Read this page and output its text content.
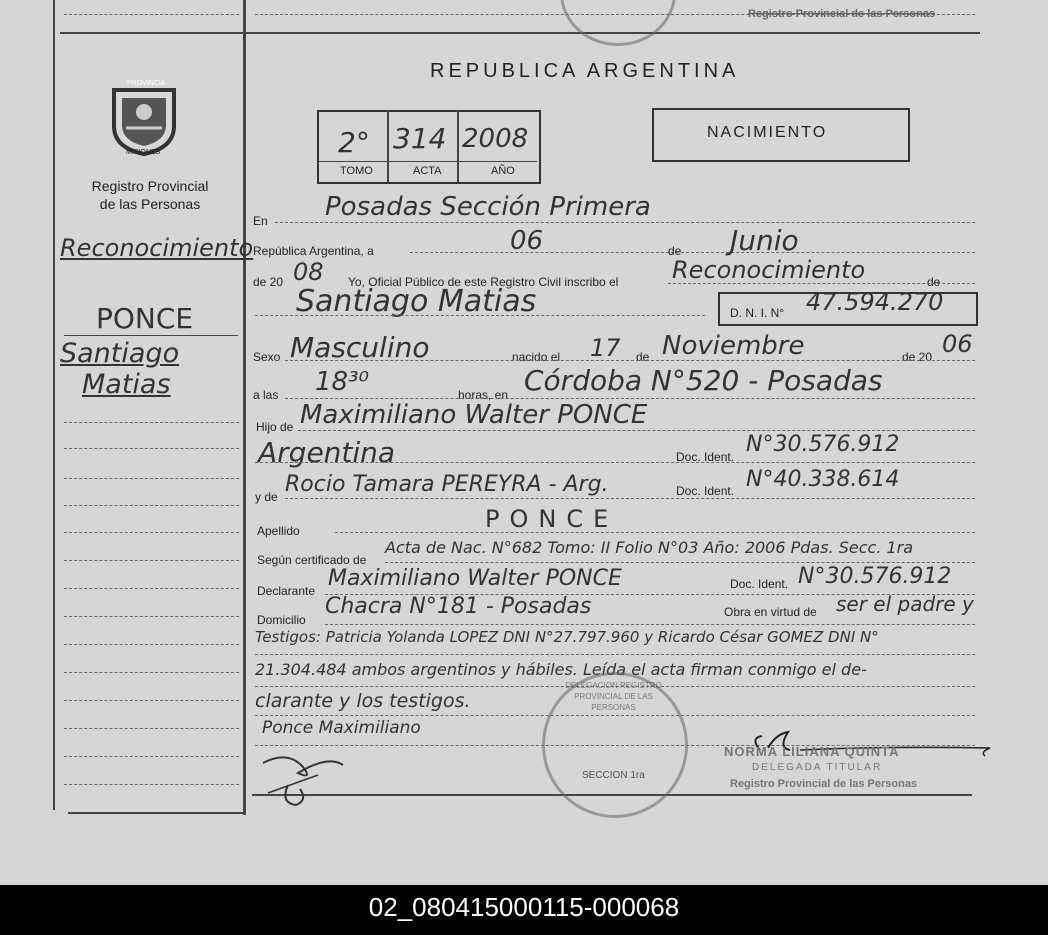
Registro Provincial de las Personas
PROVINCIA
MISIONES
Registro Provincial
de las Personas
Reconocimiento
PONCE
Santiago
Matias
REPUBLICA ARGENTINA
2° 314 2008
TOMO	ACTA	AÑO
NACIMIENTO
En Posadas Sección Primera
República Argentina, a	06	de Junio
de 20 08 Yo, Oficial Público de este Registro Civil inscribo el Reconocimiento	de
Santiago Matias	D. N. I. N° 47.594.270
Sexo Masculino	nacido el 17 de Noviembre	de 20 06
a las 18³⁰	horas, en Córdoba N°520 - Posadas
Hijo de Maximiliano Walter PONCE
Argentina	Doc. Ident. N°30.576.912
y de Rocio Tamara PEREYRA - Arg.	Doc. Ident. N°40.338.614
Apellido	PONCE
Según certificado de
Acta de Nac. N°682 Tomo: II Folio N°03 Año: 2006 Pdas. Secc. 1ra
Declarante Maximiliano Walter PONCE	Doc. Ident. N°30.576.912
Domicilio
Chacra N°181 - Posadas	Obra en virtud de ser el padre y
Testigos: Patricia Yolanda LOPEZ DNI N°27.797.960 y Ricardo César GOMEZ DNI N°
21.304.484 ambos argentinos y hábiles. Leída el acta firman conmigo el de-
clarante y los testigos.
Ponce Maximiliano
DELEGACION REGISTRO PROVINCIAL DE LAS PERSONAS
SECCION 1ra
NORMA LILIANA QUINTA
DELEGADA TITULAR
Registro Provincial de las Personas
02_080415000115-000068
